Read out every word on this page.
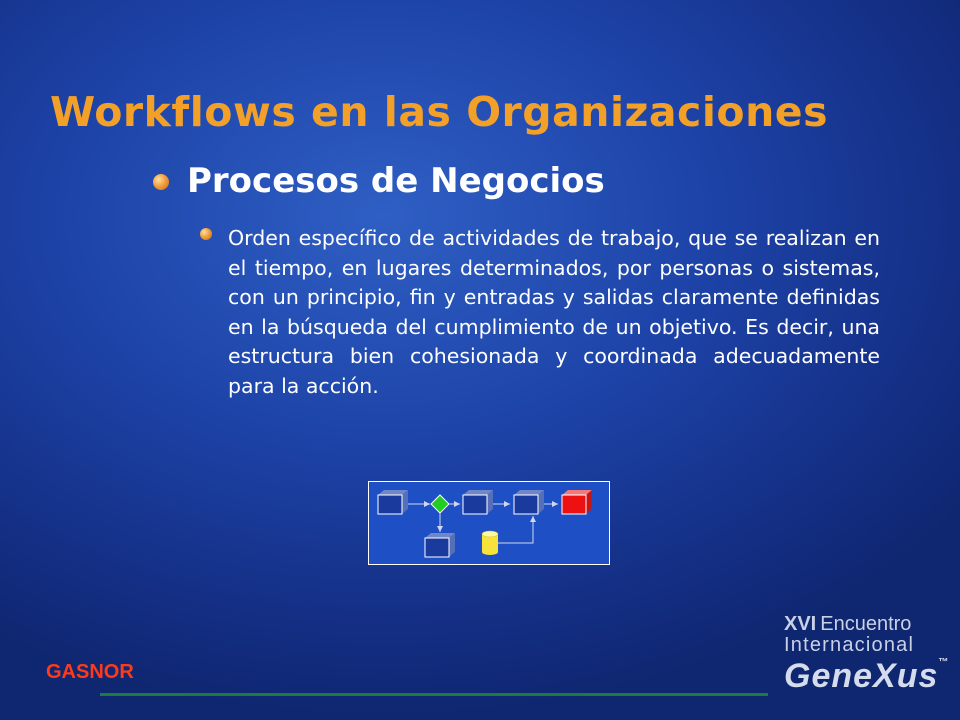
Workflows en las Organizaciones
Procesos de Negocios

Orden específico de actividades de trabajo, que se realizan en el tiempo, en lugares determinados, por personas o sistemas, con un principio, fin y entradas y salidas claramente definidas en la búsqueda del cumplimiento de un objetivo. Es decir, una estructura bien cohesionada y coordinada adecuadamente para la acción.

GASNOR
XVI Encuentro
Internacional
GeneXus™
